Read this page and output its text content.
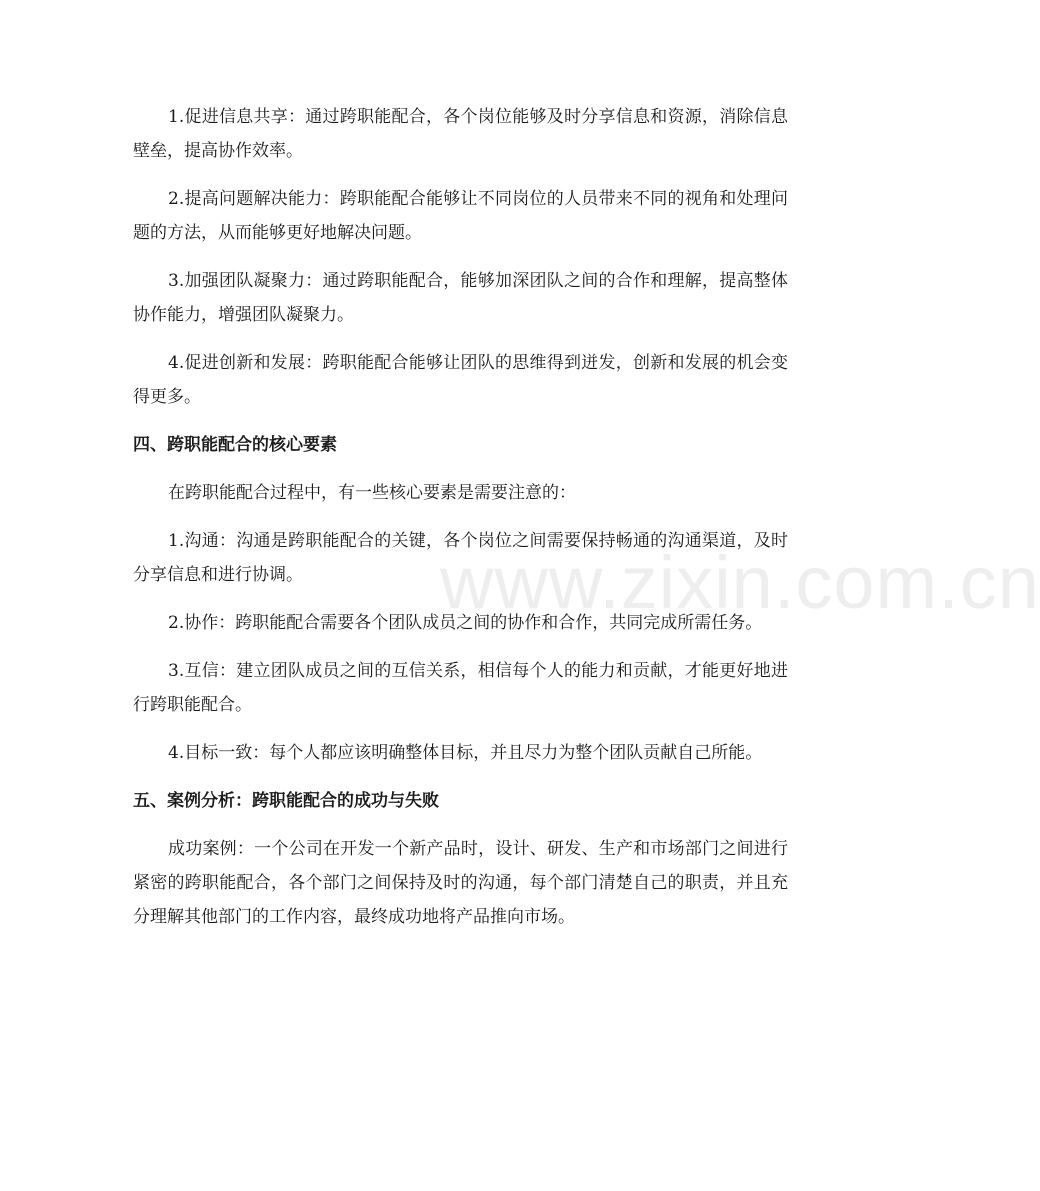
www.zixin.com.cn

1.促进信息共享：通过跨职能配合，各个岗位能够及时分享信息和资源，消除信息壁垒，提高协作效率。

2.提高问题解决能力：跨职能配合能够让不同岗位的人员带来不同的视角和处理问题的方法，从而能够更好地解决问题。

3.加强团队凝聚力：通过跨职能配合，能够加深团队之间的合作和理解，提高整体协作能力，增强团队凝聚力。

4.促进创新和发展：跨职能配合能够让团队的思维得到迸发，创新和发展的机会变得更多。

四、跨职能配合的核心要素

在跨职能配合过程中，有一些核心要素是需要注意的：

1.沟通：沟通是跨职能配合的关键，各个岗位之间需要保持畅通的沟通渠道，及时分享信息和进行协调。

2.协作：跨职能配合需要各个团队成员之间的协作和合作，共同完成所需任务。

3.互信：建立团队成员之间的互信关系，相信每个人的能力和贡献，才能更好地进行跨职能配合。

4.目标一致：每个人都应该明确整体目标，并且尽力为整个团队贡献自己所能。

五、案例分析：跨职能配合的成功与失败

成功案例：一个公司在开发一个新产品时，设计、研发、生产和市场部门之间进行紧密的跨职能配合，各个部门之间保持及时的沟通，每个部门清楚自己的职责，并且充分理解其他部门的工作内容，最终成功地将产品推向市场。
